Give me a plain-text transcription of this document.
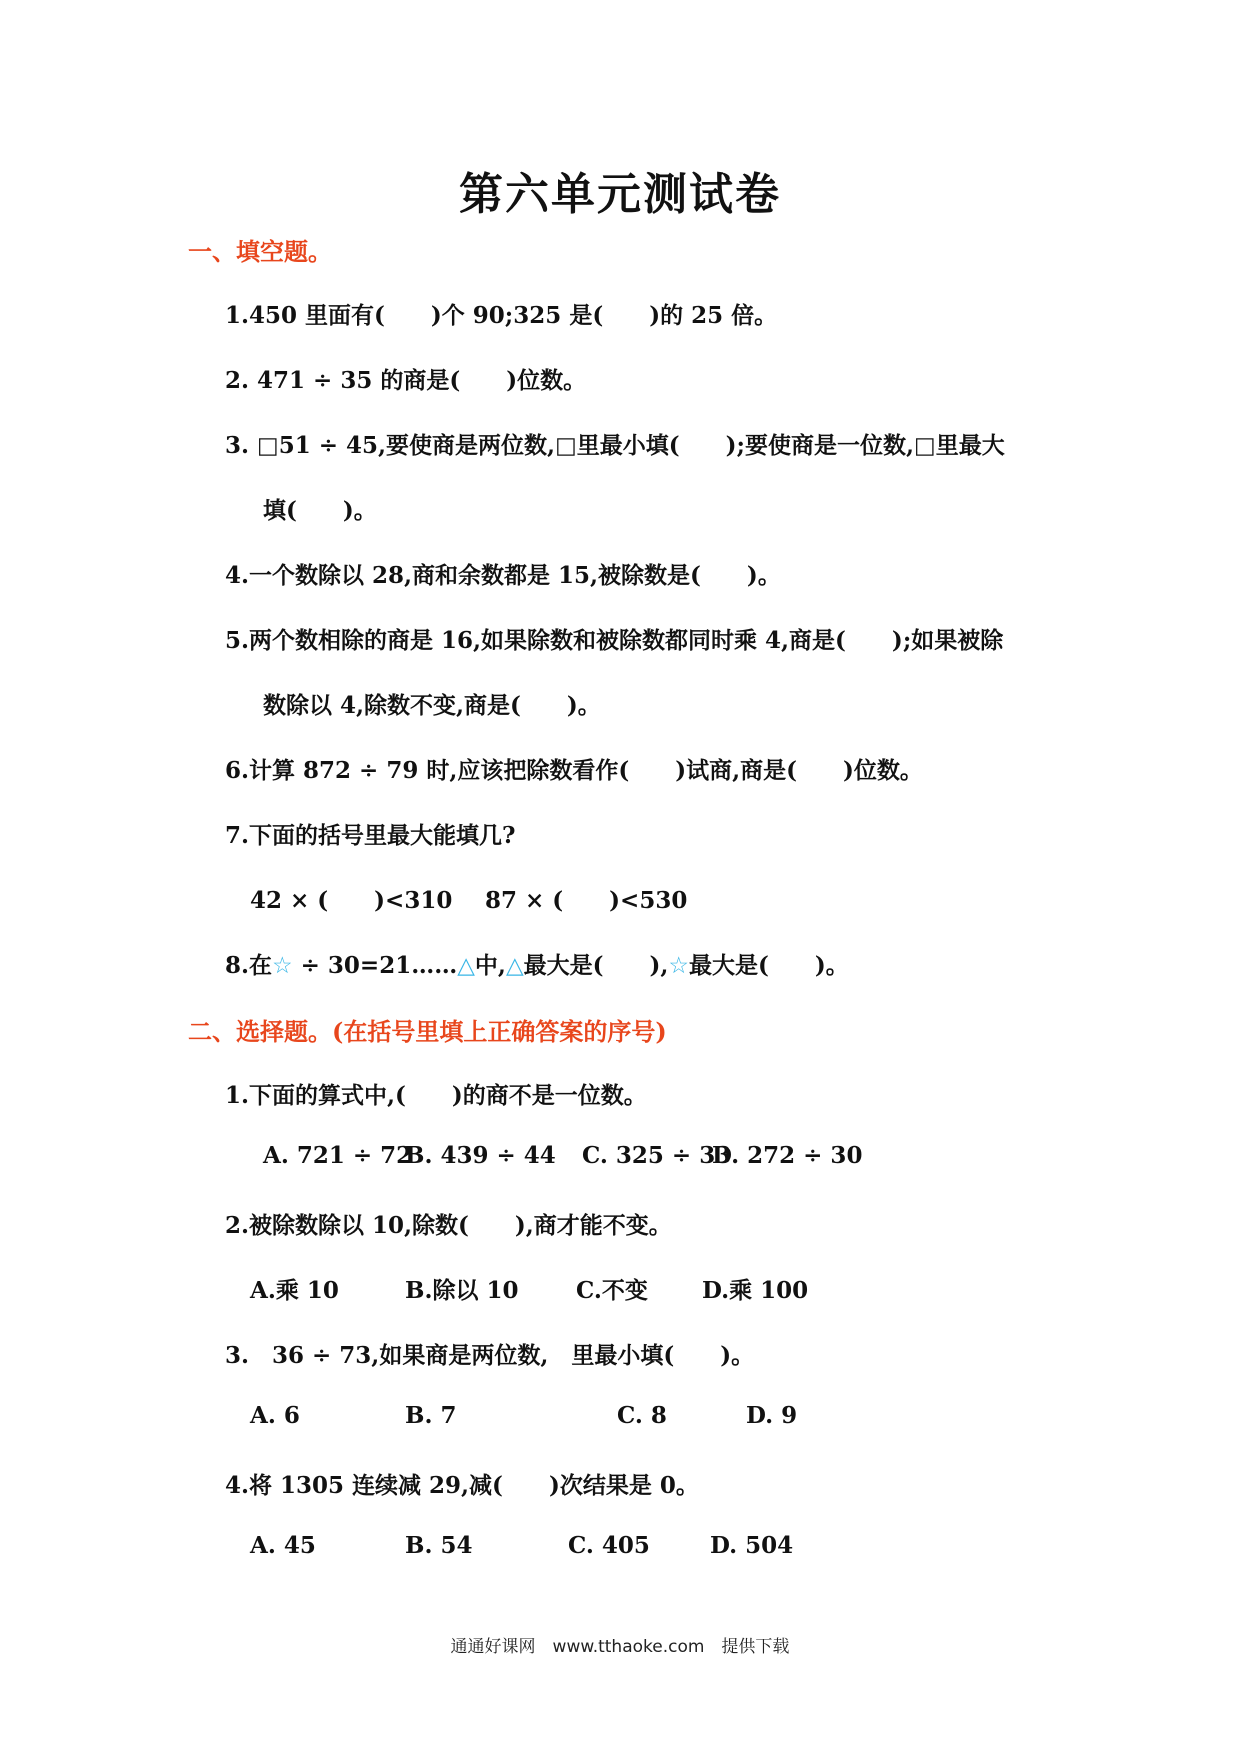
第六单元测试卷
一、填空题。
1.450 里面有(　　)个 90;325 是(　　)的 25 倍。
2. 471 ÷ 35 的商是(　　)位数。
3. □51 ÷ 45,要使商是两位数,□里最小填(　　);要使商是一位数,□里最大
填(　　)。
4.一个数除以 28,商和余数都是 15,被除数是(　　)。
5.两个数相除的商是 16,如果除数和被除数都同时乘 4,商是(　　);如果被除
数除以 4,除数不变,商是(　　)。
6.计算 872 ÷ 79 时,应该把除数看作(　　)试商,商是(　　)位数。
7.下面的括号里最大能填几?
42 × (　　)<310 87 × (　　)<530
8.在☆ ÷ 30=21……△中,△最大是(　　),☆最大是(　　)。
二、选择题。(在括号里填上正确答案的序号)
1.下面的算式中,(　　)的商不是一位数。
A. 721 ÷ 72
B. 439 ÷ 44 C. 325 ÷ 33
D. 272 ÷ 30
2.被除数除以 10,除数(　　),商才能不变。
A.乘 10	B.除以 10	C.不变 D.乘 100
3.　36 ÷ 73,如果商是两位数,　里最小填(　　)。
A. 6	B. 7	C. 8	D. 9
4.将 1305 连续减 29,减(　　)次结果是 0。
A. 45	B. 54	C. 405	D. 504
通通好课网　www.tthaoke.com　提供下载
